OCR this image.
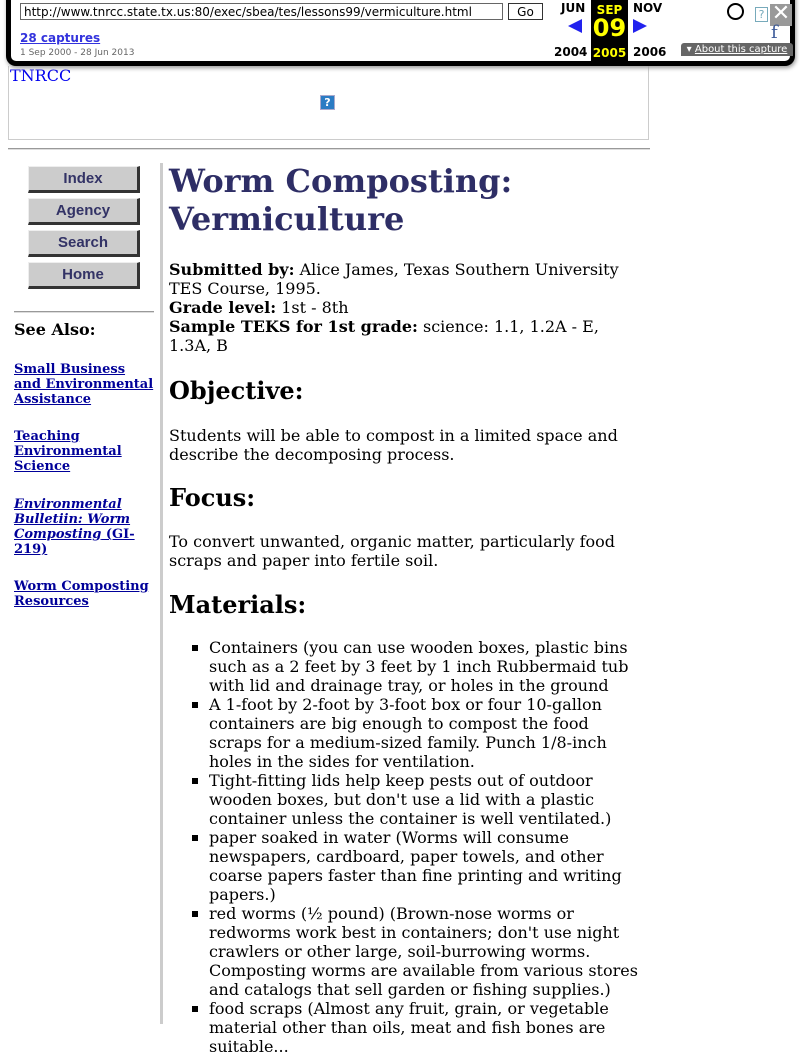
http://www.tnrcc.state.tx.us:80/exec/sbea/tes/lessons99/vermiculture.html
Go
28 captures
1 Sep 2000 - 28 Jun 2013
JUN	NOV
2004	2006
SEP
09
2005
? ✕
f
▾ About this capture
TNRCC
?
Index
Agency
Search
Home
See Also:
Small Business and Environmental Assistance
Teaching Environmental Science
Environmental Bulletiin: Worm Composting (GI-219)
Worm Composting Resources
Worm Composting: Vermiculture
Submitted by: Alice James, Texas Southern University TES Course, 1995.
Grade level: 1st - 8th
Sample TEKS for 1st grade: science: 1.1, 1.2A - E, 1.3A, B
Objective:

Students will be able to compost in a limited space and describe the decomposing process.

Focus:

To convert unwanted, organic matter, particularly food scraps and paper into fertile soil.

Materials:
Containers (you can use wooden boxes, plastic bins such as a 2 feet by 3 feet by 1 inch Rubbermaid tub with lid and drainage tray, or holes in the ground
A 1-foot by 2-foot by 3-foot box or four 10-gallon containers are big enough to compost the food scraps for a medium-sized family. Punch 1/8-inch holes in the sides for ventilation.
Tight-fitting lids help keep pests out of outdoor wooden boxes, but don't use a lid with a plastic container unless the container is well ventilated.)
paper soaked in water (Worms will consume newspapers, cardboard, paper towels, and other coarse papers faster than fine printing and writing papers.)
red worms (½ pound) (Brown-nose worms or redworms work best in containers; don't use night crawlers or other large, soil-burrowing worms. Composting worms are available from various stores and catalogs that sell garden or fishing supplies.)
food scraps (Almost any fruit, grain, or vegetable material other than oils, meat and fish bones are suitable...
